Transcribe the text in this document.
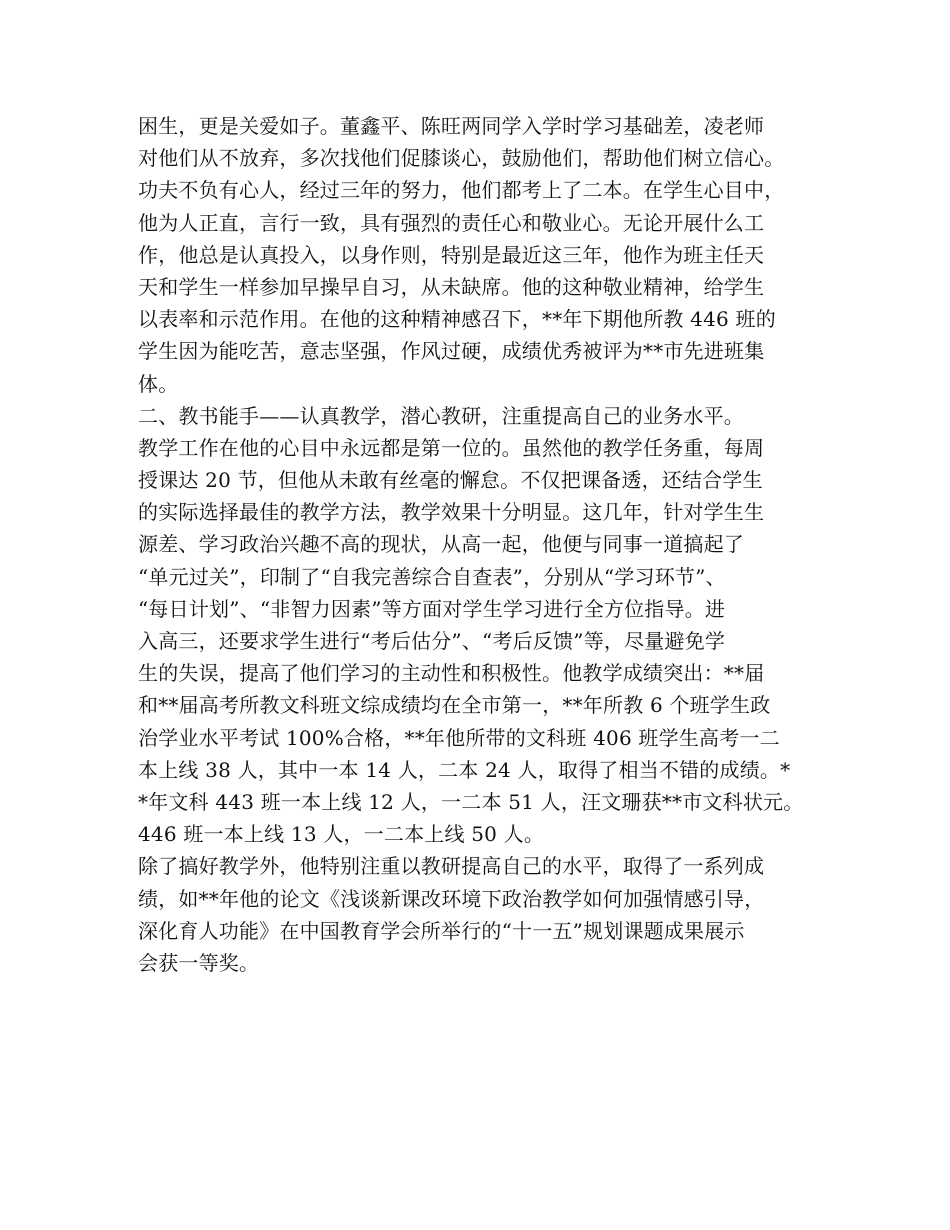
困生，更是关爱如子。董鑫平、陈旺两同学入学时学习基础差，凌老师
对他们从不放弃，多次找他们促膝谈心，鼓励他们，帮助他们树立信心。
功夫不负有心人，经过三年的努力，他们都考上了二本。在学生心目中，
他为人正直，言行一致，具有强烈的责任心和敬业心。无论开展什么工
作，他总是认真投入，以身作则，特别是最近这三年，他作为班主任天
天和学生一样参加早操早自习，从未缺席。他的这种敬业精神，给学生
以表率和示范作用。在他的这种精神感召下，**年下期他所教 446 班的
学生因为能吃苦，意志坚强，作风过硬，成绩优秀被评为**市先进班集
体。
二、教书能手——认真教学，潜心教研，注重提高自己的业务水平。
教学工作在他的心目中永远都是第一位的。虽然他的教学任务重，每周
授课达 20 节，但他从未敢有丝毫的懈怠。不仅把课备透，还结合学生
的实际选择最佳的教学方法，教学效果十分明显。这几年，针对学生生
源差、学习政治兴趣不高的现状，从高一起，他便与同事一道搞起了
“单元过关”，印制了“自我完善综合自查表”，分别从“学习环节”、
“每日计划”、“非智力因素”等方面对学生学习进行全方位指导。进
入高三，还要求学生进行“考后估分”、“考后反馈”等，尽量避免学
生的失误，提高了他们学习的主动性和积极性。他教学成绩突出：**届
和**届高考所教文科班文综成绩均在全市第一，**年所教 6 个班学生政
治学业水平考试 100%合格，**年他所带的文科班 406 班学生高考一二
本上线 38 人，其中一本 14 人，二本 24 人，取得了相当不错的成绩。*
*年文科 443 班一本上线 12 人，一二本 51 人，汪文珊获**市文科状元。
446 班一本上线 13 人，一二本上线 50 人。
除了搞好教学外，他特别注重以教研提高自己的水平，取得了一系列成
绩，如**年他的论文《浅谈新课改环境下政治教学如何加强情感引导，
深化育人功能》在中国教育学会所举行的“十一五”规划课题成果展示
会获一等奖。
